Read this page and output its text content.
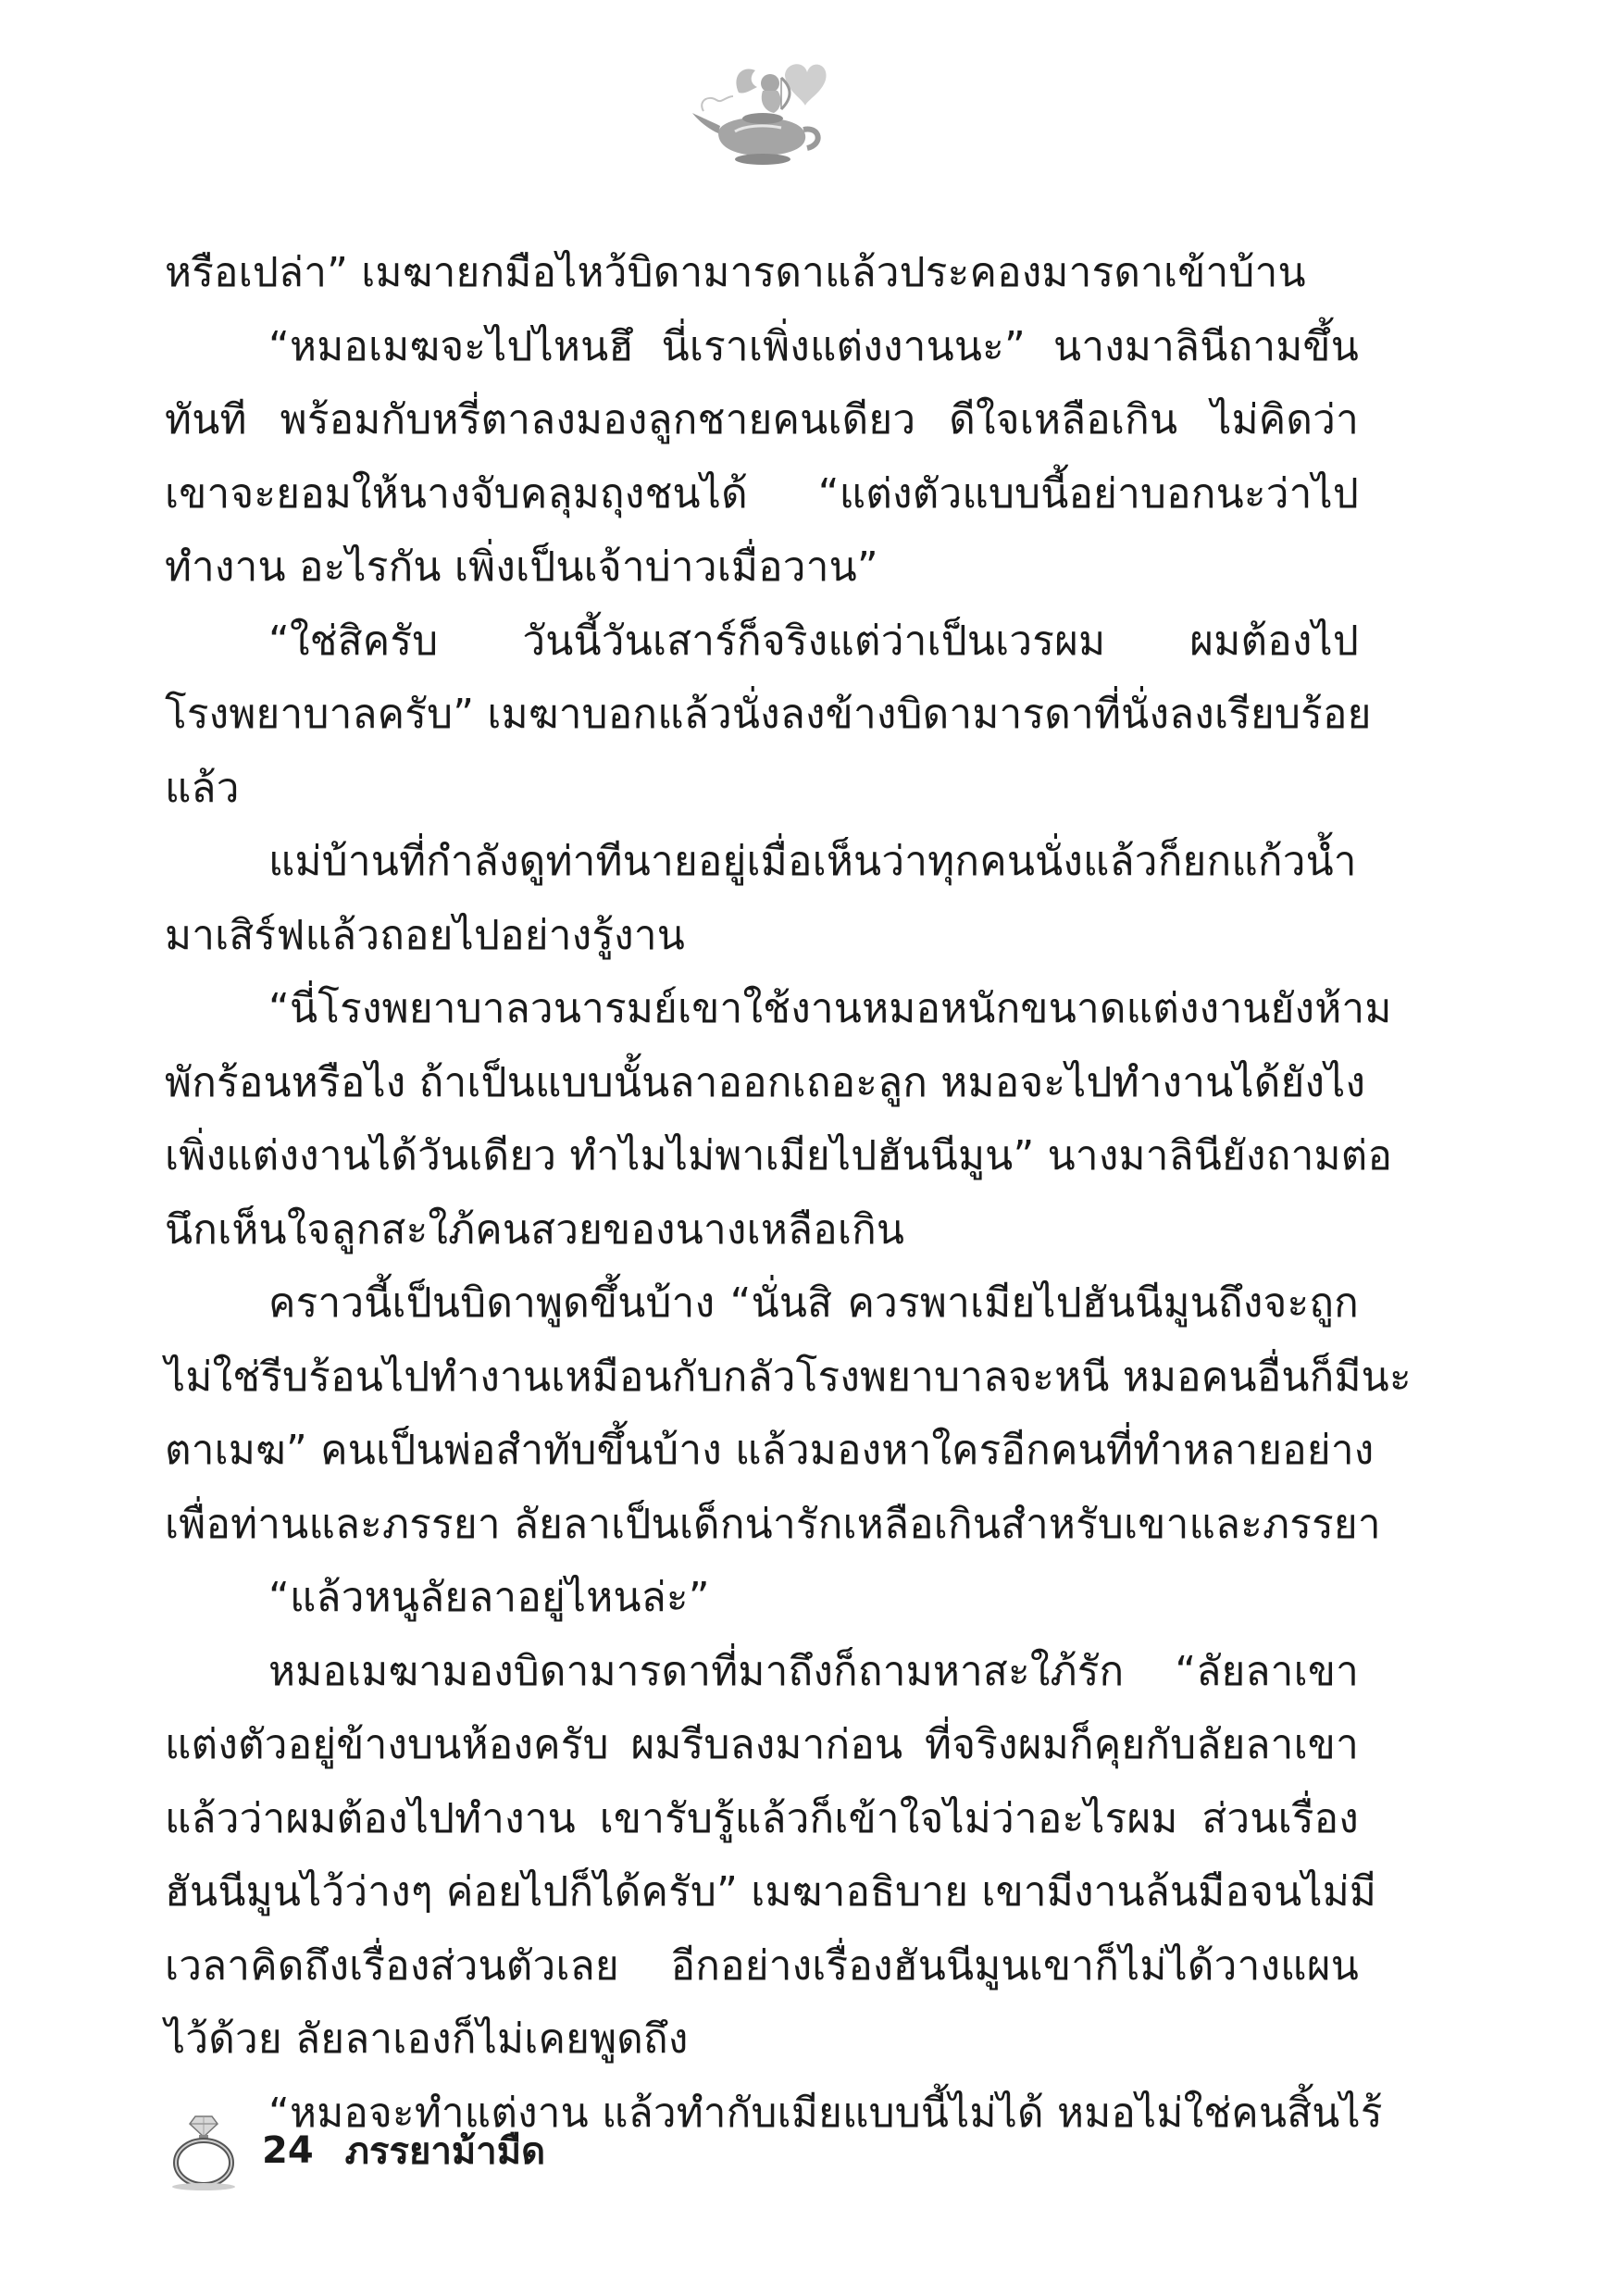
หรือเปล่า” เมฆายกมือไหว้บิดามารดาแล้วประคองมารดาเข้าบ้าน
“หมอเมฆจะไปไหนฮึ นี่เราเพิ่งแต่งงานนะ” นางมาลินีถามขึ้น
ทันที พร้อมกับหรี่ตาลงมองลูกชายคนเดียว ดีใจเหลือเกิน ไม่คิดว่า
เขาจะยอมให้นางจับคลุมถุงชนได้ “แต่งตัวแบบนี้อย่าบอกนะว่าไป
ทำงาน อะไรกัน เพิ่งเป็นเจ้าบ่าวเมื่อวาน”
“ใช่สิครับ วันนี้วันเสาร์ก็จริงแต่ว่าเป็นเวรผม ผมต้องไป
โรงพยาบาลครับ” เมฆาบอกแล้วนั่งลงข้างบิดามารดาที่นั่งลงเรียบร้อย
แล้ว
แม่บ้านที่กำลังดูท่าทีนายอยู่เมื่อเห็นว่าทุกคนนั่งแล้วก็ยกแก้วน้ำ
มาเสิร์ฟแล้วถอยไปอย่างรู้งาน
“นี่โรงพยาบาลวนารมย์เขาใช้งานหมอหนักขนาดแต่งงานยังห้าม
พักร้อนหรือไง ถ้าเป็นแบบนั้นลาออกเถอะลูก หมอจะไปทำงานได้ยังไง
เพิ่งแต่งงานได้วันเดียว ทำไมไม่พาเมียไปฮันนีมูน” นางมาลินียังถามต่อ
นึกเห็นใจลูกสะใภ้คนสวยของนางเหลือเกิน
คราวนี้เป็นบิดาพูดขึ้นบ้าง “นั่นสิ ควรพาเมียไปฮันนีมูนถึงจะถูก
ไม่ใช่รีบร้อนไปทำงานเหมือนกับกลัวโรงพยาบาลจะหนี หมอคนอื่นก็มีนะ
ตาเมฆ” คนเป็นพ่อสำทับขึ้นบ้าง แล้วมองหาใครอีกคนที่ทำหลายอย่าง
เพื่อท่านและภรรยา ลัยลาเป็นเด็กน่ารักเหลือเกินสำหรับเขาและภรรยา
“แล้วหนูลัยลาอยู่ไหนล่ะ”
หมอเมฆามองบิดามารดาที่มาถึงก็ถามหาสะใภ้รัก “ลัยลาเขา
แต่งตัวอยู่ข้างบนห้องครับ ผมรีบลงมาก่อน ที่จริงผมก็คุยกับลัยลาเขา
แล้วว่าผมต้องไปทำงาน เขารับรู้แล้วก็เข้าใจไม่ว่าอะไรผม ส่วนเรื่อง
ฮันนีมูนไว้ว่างๆ ค่อยไปก็ได้ครับ” เมฆาอธิบาย เขามีงานล้นมือจนไม่มี
เวลาคิดถึงเรื่องส่วนตัวเลย อีกอย่างเรื่องฮันนีมูนเขาก็ไม่ได้วางแผน
ไว้ด้วย ลัยลาเองก็ไม่เคยพูดถึง
“หมอจะทำแต่งาน แล้วทำกับเมียแบบนี้ไม่ได้ หมอไม่ใช่คนสิ้นไร้
24 ภรรยาม้ามืด
